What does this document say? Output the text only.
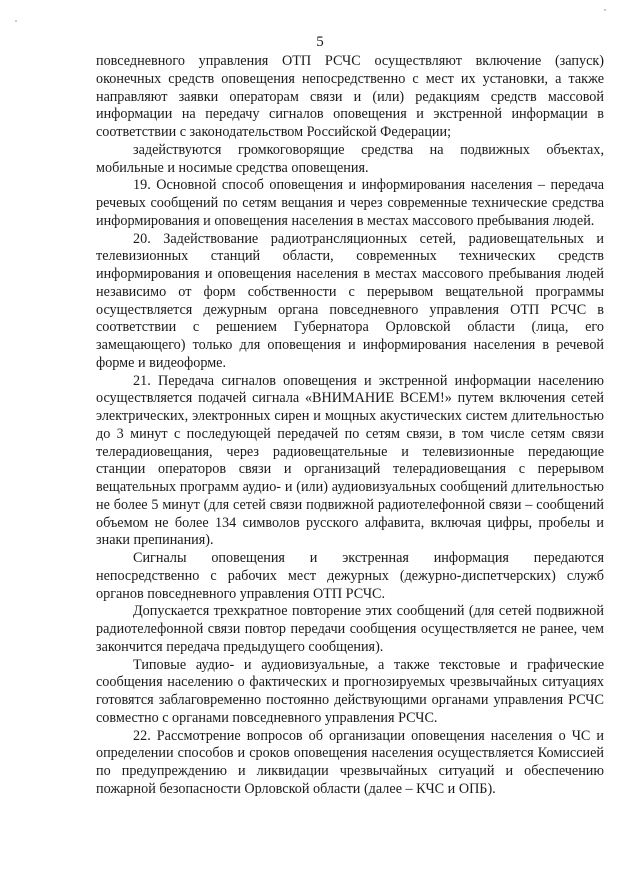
5

повседневного управления ОТП РСЧС осуществляют включение (запуск) оконечных средств оповещения непосредственно с мест их установки, а также направляют заявки операторам связи и (или) редакциям средств массовой информации на передачу сигналов оповещения и экстренной информации в соответствии с законодательством Российской Федерации;

задействуются громкоговорящие средства на подвижных объектах, мобильные и носимые средства оповещения.

19. Основной способ оповещения и информирования населения – передача речевых сообщений по сетям вещания и через современные технические средства информирования и оповещения населения в местах массового пребывания людей.

20. Задействование радиотрансляционных сетей, радиовещательных и телевизионных станций области, современных технических средств информирования и оповещения населения в местах массового пребывания людей независимо от форм собственности с перерывом вещательной программы осуществляется дежурным органа повседневного управления ОТП РСЧС в соответствии с решением Губернатора Орловской области (лица, его замещающего) только для оповещения и информирования населения в речевой форме и видеоформе.

21. Передача сигналов оповещения и экстренной информации населению осуществляется подачей сигнала «ВНИМАНИЕ ВСЕМ!» путем включения сетей электрических, электронных сирен и мощных акустических систем длительностью до 3 минут с последующей передачей по сетям связи, в том числе сетям связи телерадиовещания, через радиовещательные и телевизионные передающие станции операторов связи и организаций телерадиовещания с перерывом вещательных программ аудио- и (или) аудиовизуальных сообщений длительностью не более 5 минут (для сетей связи подвижной радиотелефонной связи – сообщений объемом не более 134 символов русского алфавита, включая цифры, пробелы и знаки препинания).

Сигналы оповещения и экстренная информация передаются непосредственно с рабочих мест дежурных (дежурно-диспетчерских) служб органов повседневного управления ОТП РСЧС.

Допускается трехкратное повторение этих сообщений (для сетей подвижной радиотелефонной связи повтор передачи сообщения осуществляется не ранее, чем закончится передача предыдущего сообщения).

Типовые аудио- и аудиовизуальные, а также текстовые и графические сообщения населению о фактических и прогнозируемых чрезвычайных ситуациях готовятся заблаговременно постоянно действующими органами управления РСЧС совместно с органами повседневного управления РСЧС.

22. Рассмотрение вопросов об организации оповещения населения о ЧС и определении способов и сроков оповещения населения осуществляется Комиссией по предупреждению и ликвидации чрезвычайных ситуаций и обеспечению пожарной безопасности Орловской области (далее – КЧС и ОПБ).
